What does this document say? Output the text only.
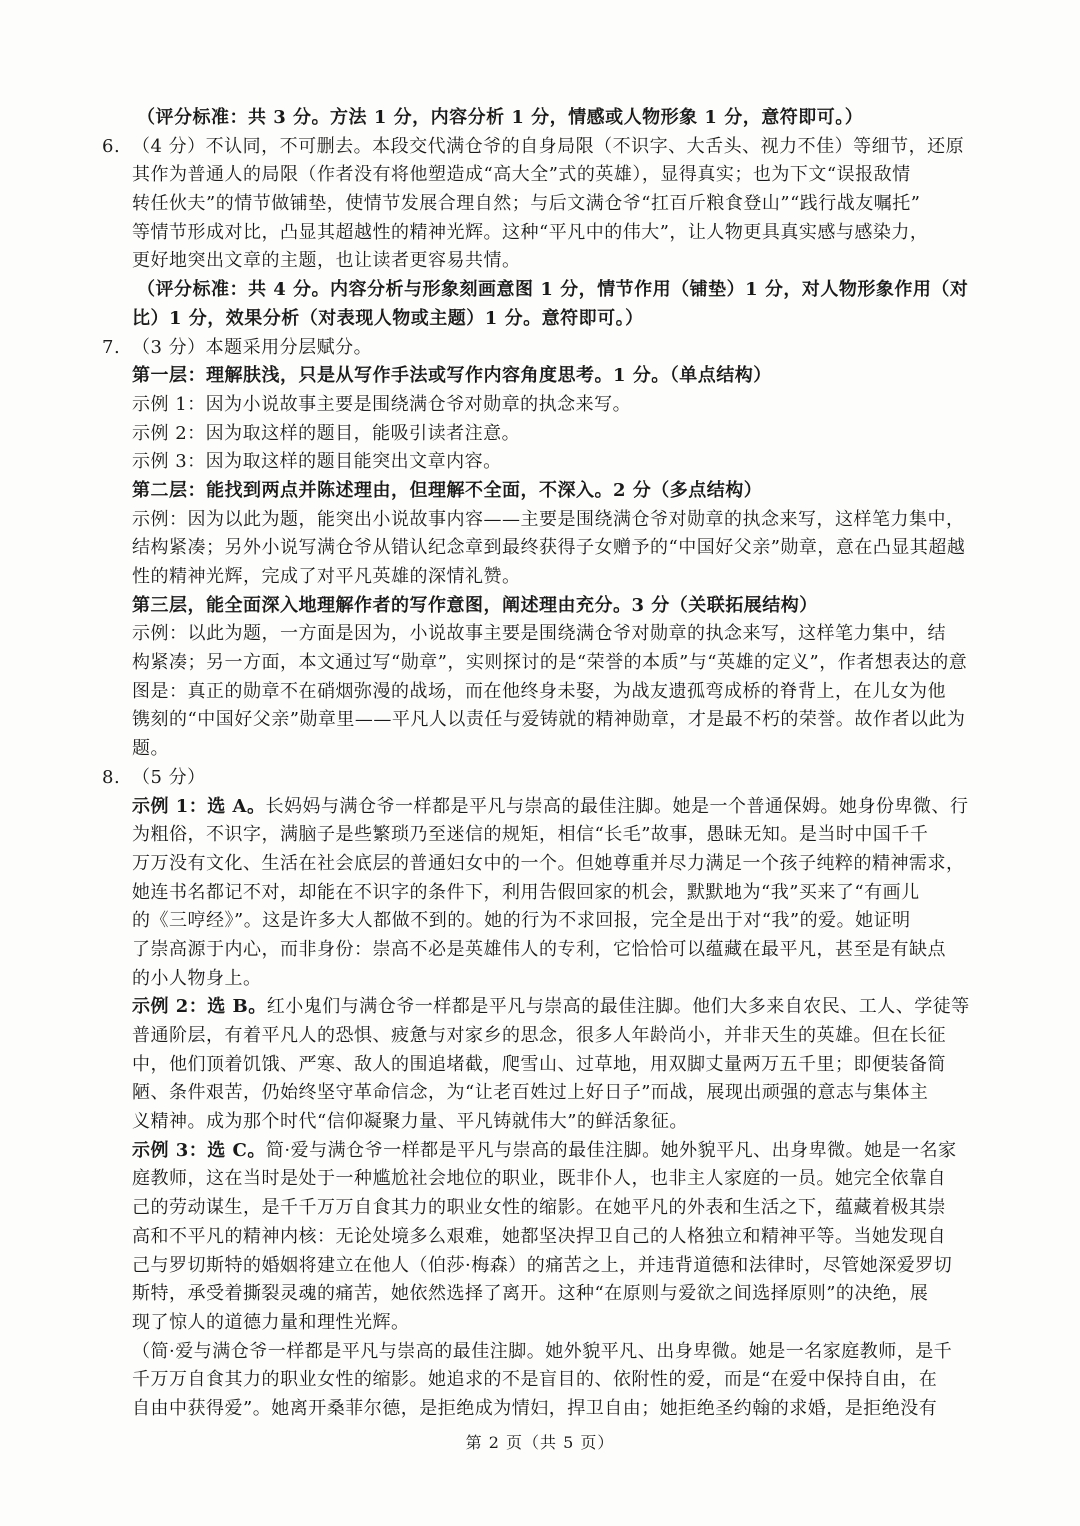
（评分标准：共 3 分。方法 1 分，内容分析 1 分，情感或人物形象 1 分，意符即可。）
6. （4 分）不认同，不可删去。本段交代满仓爷的自身局限（不识字、大舌头、视力不佳）等细节，还原
其作为普通人的局限（作者没有将他塑造成“高大全”式的英雄），显得真实；也为下文“误报敌情
转任伙夫”的情节做铺垫，使情节发展合理自然；与后文满仓爷“扛百斤粮食登山”“践行战友嘱托”
等情节形成对比，凸显其超越性的精神光辉。这种“平凡中的伟大”，让人物更具真实感与感染力，
更好地突出文章的主题，也让读者更容易共情。
（评分标准：共 4 分。内容分析与形象刻画意图 1 分，情节作用（铺垫）1 分，对人物形象作用（对
比）1 分，效果分析（对表现人物或主题）1 分。意符即可。）
7. （3 分）本题采用分层赋分。
第一层：理解肤浅，只是从写作手法或写作内容角度思考。1 分。（单点结构）
示例 1：因为小说故事主要是围绕满仓爷对勋章的执念来写。
示例 2：因为取这样的题目，能吸引读者注意。
示例 3：因为取这样的题目能突出文章内容。
第二层：能找到两点并陈述理由，但理解不全面，不深入。2 分（多点结构）
示例：因为以此为题，能突出小说故事内容——主要是围绕满仓爷对勋章的执念来写，这样笔力集中，
结构紧凑；另外小说写满仓爷从错认纪念章到最终获得子女赠予的“中国好父亲”勋章，意在凸显其超越
性的精神光辉，完成了对平凡英雄的深情礼赞。
第三层，能全面深入地理解作者的写作意图，阐述理由充分。3 分（关联拓展结构）
示例：以此为题，一方面是因为，小说故事主要是围绕满仓爷对勋章的执念来写，这样笔力集中，结
构紧凑；另一方面，本文通过写“勋章”，实则探讨的是“荣誉的本质”与“英雄的定义”，作者想表达的意
图是：真正的勋章不在硝烟弥漫的战场，而在他终身未娶，为战友遗孤弯成桥的脊背上，在儿女为他
镌刻的“中国好父亲”勋章里——平凡人以责任与爱铸就的精神勋章，才是最不朽的荣誉。故作者以此为
题。
8. （5 分）
示例 1：选 A。长妈妈与满仓爷一样都是平凡与崇高的最佳注脚。她是一个普通保姆。她身份卑微、行
为粗俗，不识字，满脑子是些繁琐乃至迷信的规矩，相信“长毛”故事，愚昧无知。是当时中国千千
万万没有文化、生活在社会底层的普通妇女中的一个。但她尊重并尽力满足一个孩子纯粹的精神需求，
她连书名都记不对，却能在不识字的条件下，利用告假回家的机会，默默地为“我”买来了“有画儿
的《三哼经》”。这是许多大人都做不到的。她的行为不求回报，完全是出于对“我”的爱。她证明
了崇高源于内心，而非身份：崇高不必是英雄伟人的专利，它恰恰可以蕴藏在最平凡，甚至是有缺点
的小人物身上。
示例 2：选 B。红小鬼们与满仓爷一样都是平凡与崇高的最佳注脚。他们大多来自农民、工人、学徒等
普通阶层，有着平凡人的恐惧、疲惫与对家乡的思念，很多人年龄尚小，并非天生的英雄。但在长征
中，他们顶着饥饿、严寒、敌人的围追堵截，爬雪山、过草地，用双脚丈量两万五千里；即便装备简
陋、条件艰苦，仍始终坚守革命信念，为“让老百姓过上好日子”而战，展现出顽强的意志与集体主
义精神。成为那个时代“信仰凝聚力量、平凡铸就伟大”的鲜活象征。
示例 3：选 C。简·爱与满仓爷一样都是平凡与崇高的最佳注脚。她外貌平凡、出身卑微。她是一名家
庭教师，这在当时是处于一种尴尬社会地位的职业，既非仆人，也非主人家庭的一员。她完全依靠自
己的劳动谋生，是千千万万自食其力的职业女性的缩影。在她平凡的外表和生活之下，蕴藏着极其崇
高和不平凡的精神内核：无论处境多么艰难，她都坚决捍卫自己的人格独立和精神平等。当她发现自
己与罗切斯特的婚姻将建立在他人（伯莎·梅森）的痛苦之上，并违背道德和法律时，尽管她深爱罗切
斯特，承受着撕裂灵魂的痛苦，她依然选择了离开。这种“在原则与爱欲之间选择原则”的决绝，展
现了惊人的道德力量和理性光辉。
（简·爱与满仓爷一样都是平凡与崇高的最佳注脚。她外貌平凡、出身卑微。她是一名家庭教师，是千
千万万自食其力的职业女性的缩影。她追求的不是盲目的、依附性的爱，而是“在爱中保持自由，在
自由中获得爱”。她离开桑菲尔德，是拒绝成为情妇，捍卫自由；她拒绝圣约翰的求婚，是拒绝没有
第 2 页（共 5 页）
